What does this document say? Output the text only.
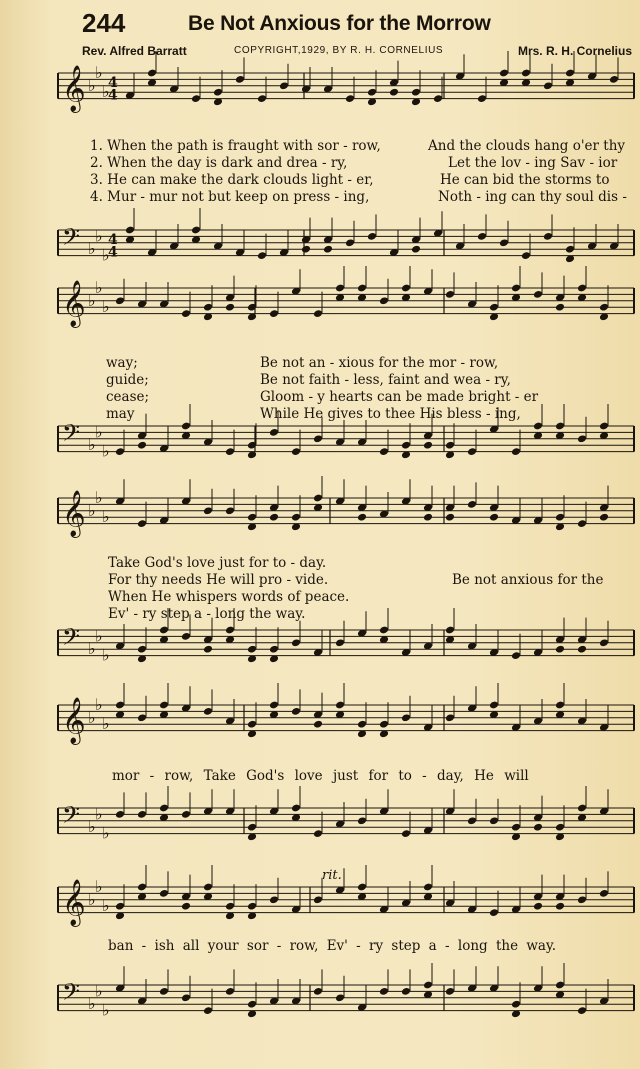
244	Be Not Anxious for the Morrow
Rev. Alfred Barratt	COPYRIGHT,1929, BY R. H. CORNELIUS	Mrs. R. H. Cornelius
𝄞 ♭
♭
♭
4
4
𝄢 ♭
♭
♭
4
4
𝄞 ♭
♭
♭
𝄢 ♭
♭
♭
𝄞 ♭
♭
♭
𝄢 ♭
♭
♭
𝄞 ♭
♭
♭
𝄢 ♭
♭
♭
𝄞 ♭
♭
♭
𝄢 ♭
♭
♭
1. When the path is fraught with sor - row,	And the clouds hang o'er thy
2. When the day is dark and drea - ry,	Let the lov - ing Sav - ior
3. He can make the dark clouds light - er,	He can bid the storms to
4. Mur - mur not but keep on press - ing,	Noth - ing can thy soul dis -
way;	Be not an - xious for the mor - row,
guide;	Be not faith - less, faint and wea - ry,
cease;	Gloom - y hearts can be made bright - er
may	While He gives to thee His bless - ing,
Take God's love just for to - day.
Be not anxious for the
For thy needs He will pro - vide.
When He whispers words of peace.
Ev' - ry step a - long the way.
mor - row, Take God's love just for to - day, He will
rit.
ban - ish all your sor - row, Ev' - ry step a - long the way.
